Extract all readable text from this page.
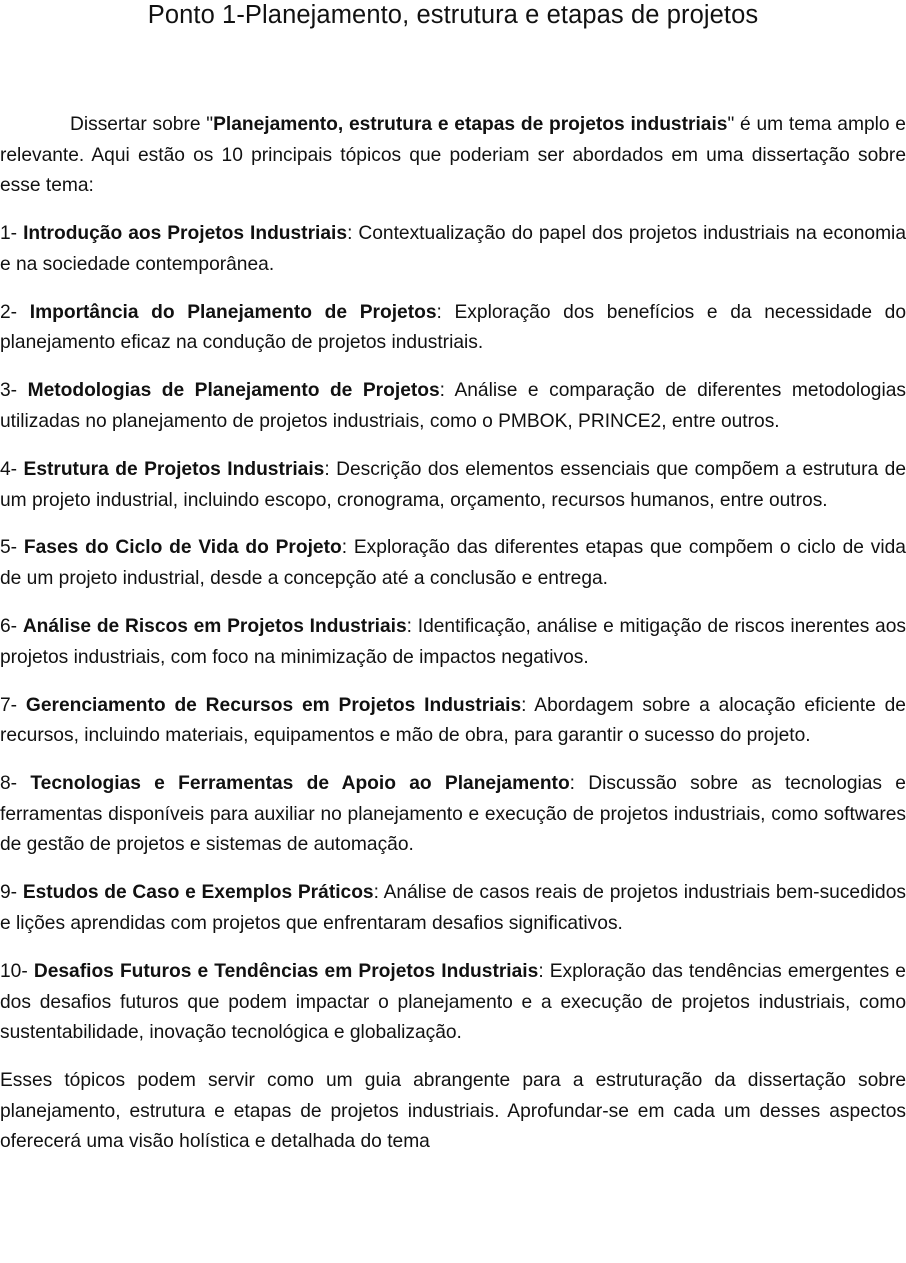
Ponto 1-Planejamento, estrutura e etapas de projetos

Dissertar sobre "Planejamento, estrutura e etapas de projetos industriais" é um tema amplo e relevante. Aqui estão os 10 principais tópicos que poderiam ser abordados em uma dissertação sobre esse tema:

1- Introdução aos Projetos Industriais: Contextualização do papel dos projetos industriais na economia e na sociedade contemporânea.

2- Importância do Planejamento de Projetos: Exploração dos benefícios e da necessidade do planejamento eficaz na condução de projetos industriais.

3- Metodologias de Planejamento de Projetos: Análise e comparação de diferentes metodologias utilizadas no planejamento de projetos industriais, como o PMBOK, PRINCE2, entre outros.

4- Estrutura de Projetos Industriais: Descrição dos elementos essenciais que compõem a estrutura de um projeto industrial, incluindo escopo, cronograma, orçamento, recursos humanos, entre outros.

5- Fases do Ciclo de Vida do Projeto: Exploração das diferentes etapas que compõem o ciclo de vida de um projeto industrial, desde a concepção até a conclusão e entrega.

6- Análise de Riscos em Projetos Industriais: Identificação, análise e mitigação de riscos inerentes aos projetos industriais, com foco na minimização de impactos negativos.

7- Gerenciamento de Recursos em Projetos Industriais: Abordagem sobre a alocação eficiente de recursos, incluindo materiais, equipamentos e mão de obra, para garantir o sucesso do projeto.

8- Tecnologias e Ferramentas de Apoio ao Planejamento: Discussão sobre as tecnologias e ferramentas disponíveis para auxiliar no planejamento e execução de projetos industriais, como softwares de gestão de projetos e sistemas de automação.

9- Estudos de Caso e Exemplos Práticos: Análise de casos reais de projetos industriais bem-sucedidos e lições aprendidas com projetos que enfrentaram desafios significativos.

10- Desafios Futuros e Tendências em Projetos Industriais: Exploração das tendências emergentes e dos desafios futuros que podem impactar o planejamento e a execução de projetos industriais, como sustentabilidade, inovação tecnológica e globalização.

Esses tópicos podem servir como um guia abrangente para a estruturação da dissertação sobre planejamento, estrutura e etapas de projetos industriais. Aprofundar-se em cada um desses aspectos oferecerá uma visão holística e detalhada do tema
